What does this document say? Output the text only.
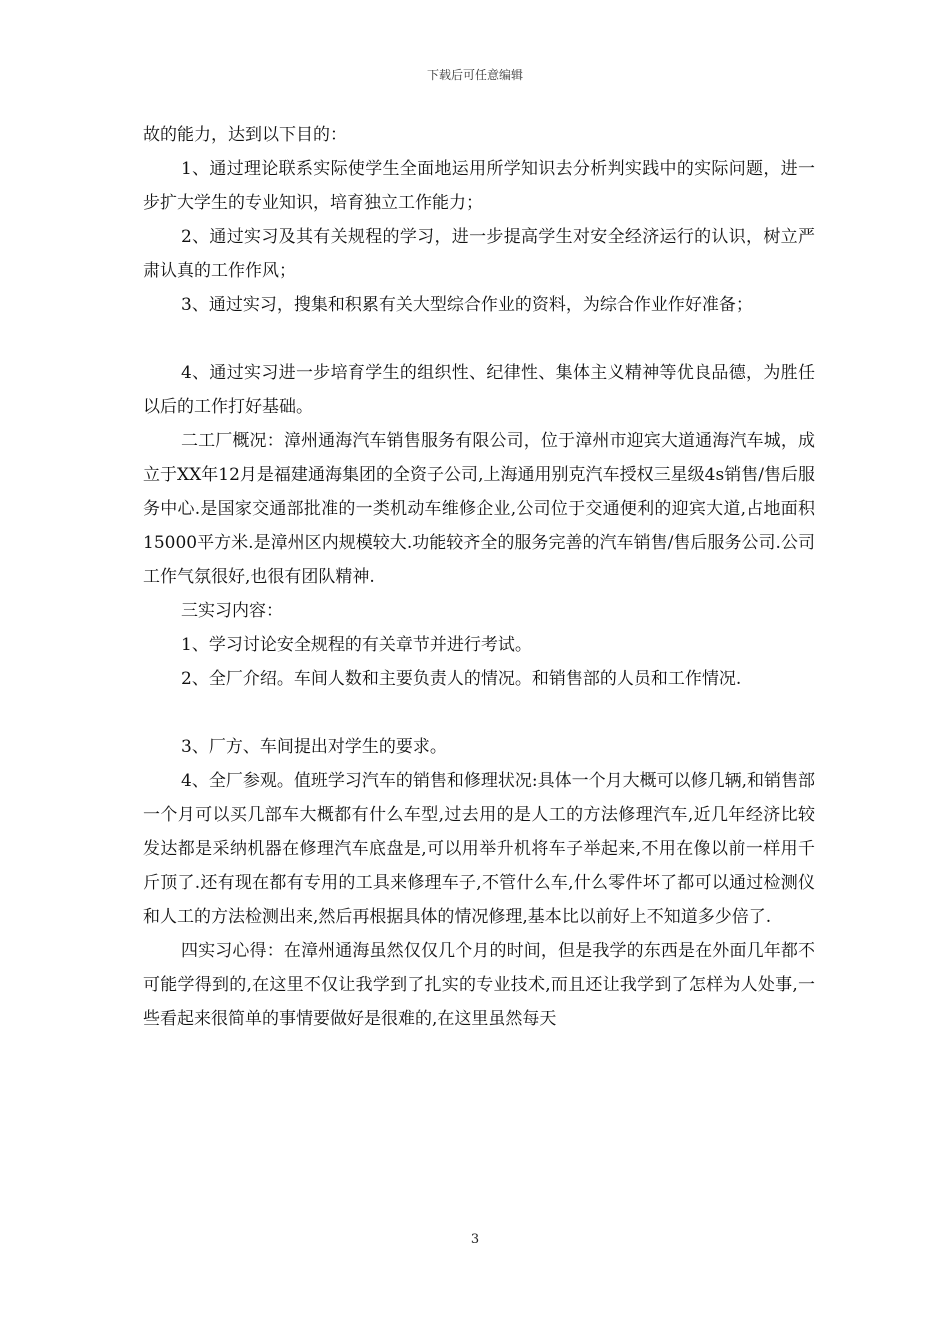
下载后可任意编辑

故的能力，达到以下目的：

1、通过理论联系实际使学生全面地运用所学知识去分析判实践中的实际问题，进一步扩大学生的专业知识，培育独立工作能力；

2、通过实习及其有关规程的学习，进一步提高学生对安全经济运行的认识，树立严肃认真的工作作风；

3、通过实习，搜集和积累有关大型综合作业的资料，为综合作业作好准备；

4、通过实习进一步培育学生的组织性、纪律性、集体主义精神等优良品德，为胜任以后的工作打好基础。

二工厂概况：漳州通海汽车销售服务有限公司，位于漳州市迎宾大道通海汽车城，成立于XX年12月是福建通海集团的全资子公司,上海通用别克汽车授权三星级4s销售/售后服务中心.是国家交通部批准的一类机动车维修企业,公司位于交通便利的迎宾大道,占地面积15000平方米.是漳州区内规模较大.功能较齐全的服务完善的汽车销售/售后服务公司.公司工作气氛很好,也很有团队精神.

三实习内容：

1、学习讨论安全规程的有关章节并进行考试。

2、全厂介绍。车间人数和主要负责人的情况。和销售部的人员和工作情况.

3、厂方、车间提出对学生的要求。

4、全厂参观。值班学习汽车的销售和修理状况:具体一个月大概可以修几辆,和销售部一个月可以买几部车大概都有什么车型,过去用的是人工的方法修理汽车,近几年经济比较发达都是采纳机器在修理汽车底盘是,可以用举升机将车子举起来,不用在像以前一样用千斤顶了.还有现在都有专用的工具来修理车子,不管什么车,什么零件坏了都可以通过检测仪和人工的方法检测出来,然后再根据具体的情况修理,基本比以前好上不知道多少倍了.

四实习心得：在漳州通海虽然仅仅几个月的时间，但是我学的东西是在外面几年都不可能学得到的,在这里不仅让我学到了扎实的专业技术,而且还让我学到了怎样为人处事,一些看起来很简单的事情要做好是很难的,在这里虽然每天

3
